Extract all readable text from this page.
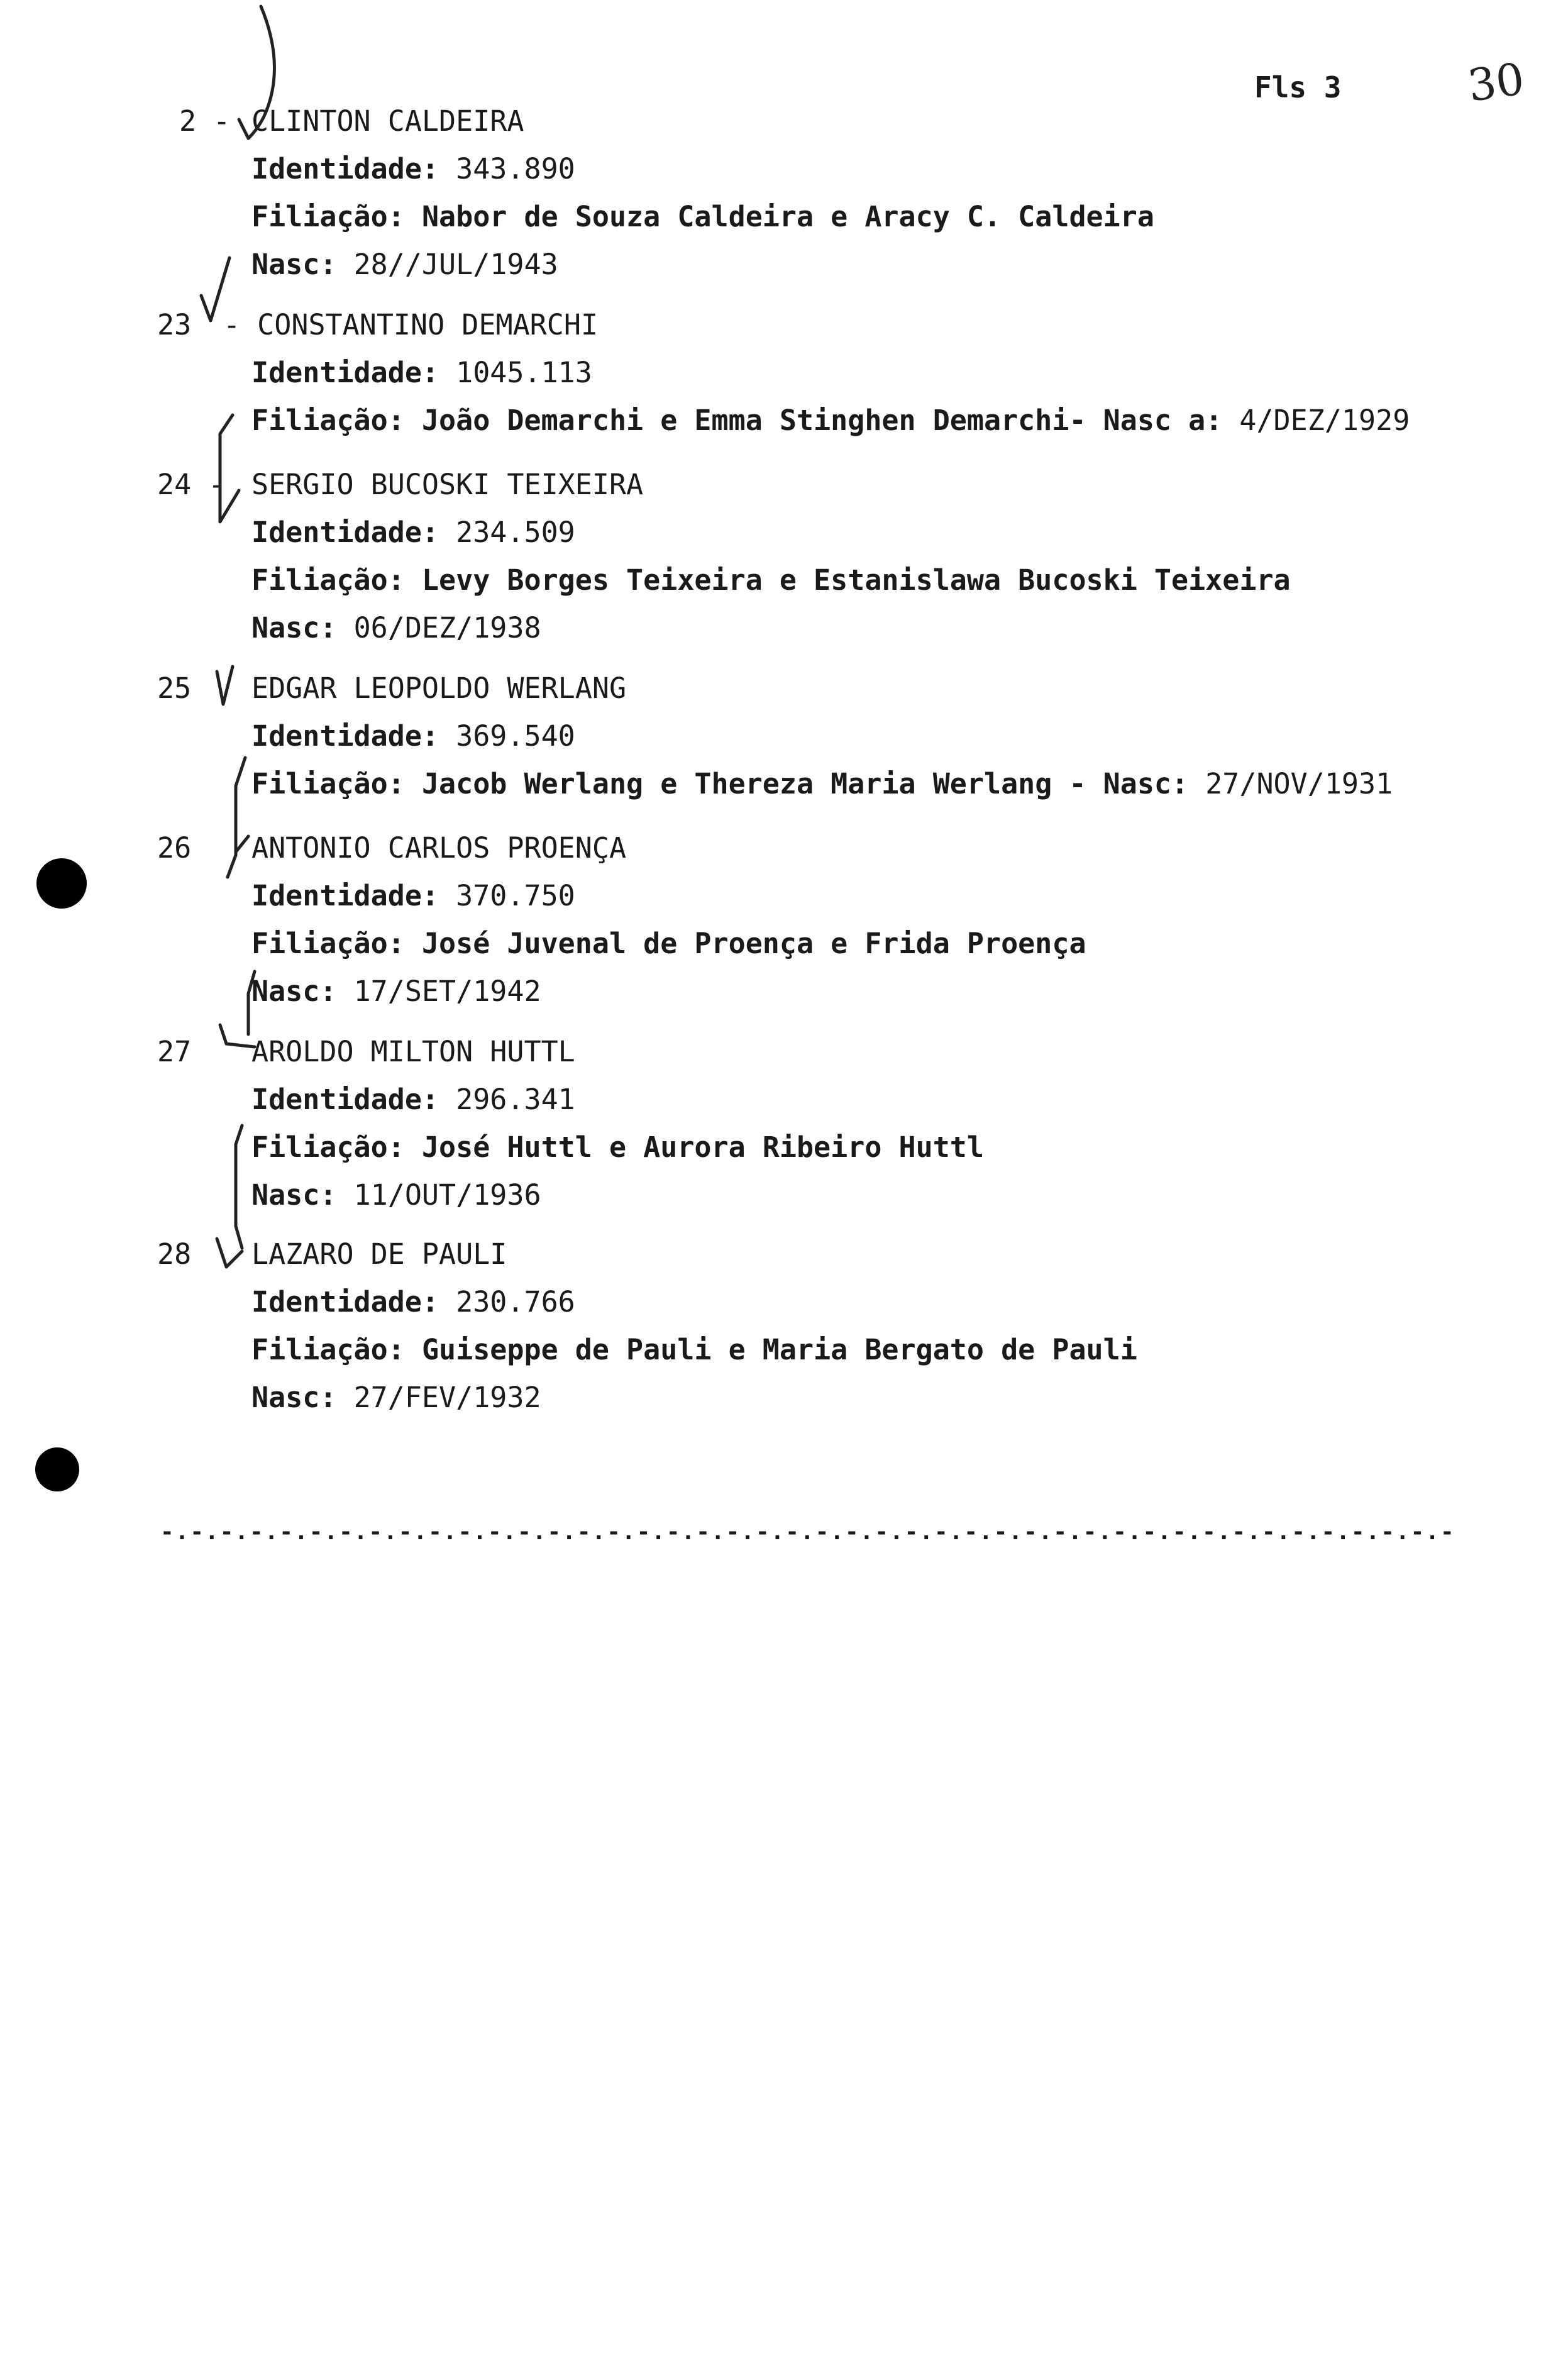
Fls 3	30
2 - CLINTON CALDEIRA
Identidade: 343.890
Filiação: Nabor de Souza Caldeira e Aracy C. Caldeira
Nasc: 28//JUL/1943
23 - CONSTANTINO DEMARCHI
Identidade: 1045.113
Filiação: João Demarchi e Emma Stinghen Demarchi- Nasc a: 4/DEZ/1929
24 - SERGIO BUCOSKI TEIXEIRA
Identidade: 234.509
Filiação: Levy Borges Teixeira e Estanislawa Bucoski Teixeira
Nasc: 06/DEZ/1938
25 EDGAR LEOPOLDO WERLANG
Identidade: 369.540
Filiação: Jacob Werlang e Thereza Maria Werlang - Nasc: 27/NOV/1931
26 ANTONIO CARLOS PROENÇA
Identidade: 370.750
Filiação: José Juvenal de Proença e Frida Proença
Nasc: 17/SET/1942
27 AROLDO MILTON HUTTL
Identidade: 296.341
Filiação: José Huttl e Aurora Ribeiro Huttl
Nasc: 11/OUT/1936
28 LAZARO DE PAULI
Identidade: 230.766
Filiação: Guiseppe de Pauli e Maria Bergato de Pauli
Nasc: 27/FEV/1932
-.-.-.-.-.-.-.-.-.-.-.-.-.-.-.-.-.-.-.-.-.-.-.-.-.-.-.-.-.-.-.-.-.-.-.-.-.-.-.-.-.-.-.-
